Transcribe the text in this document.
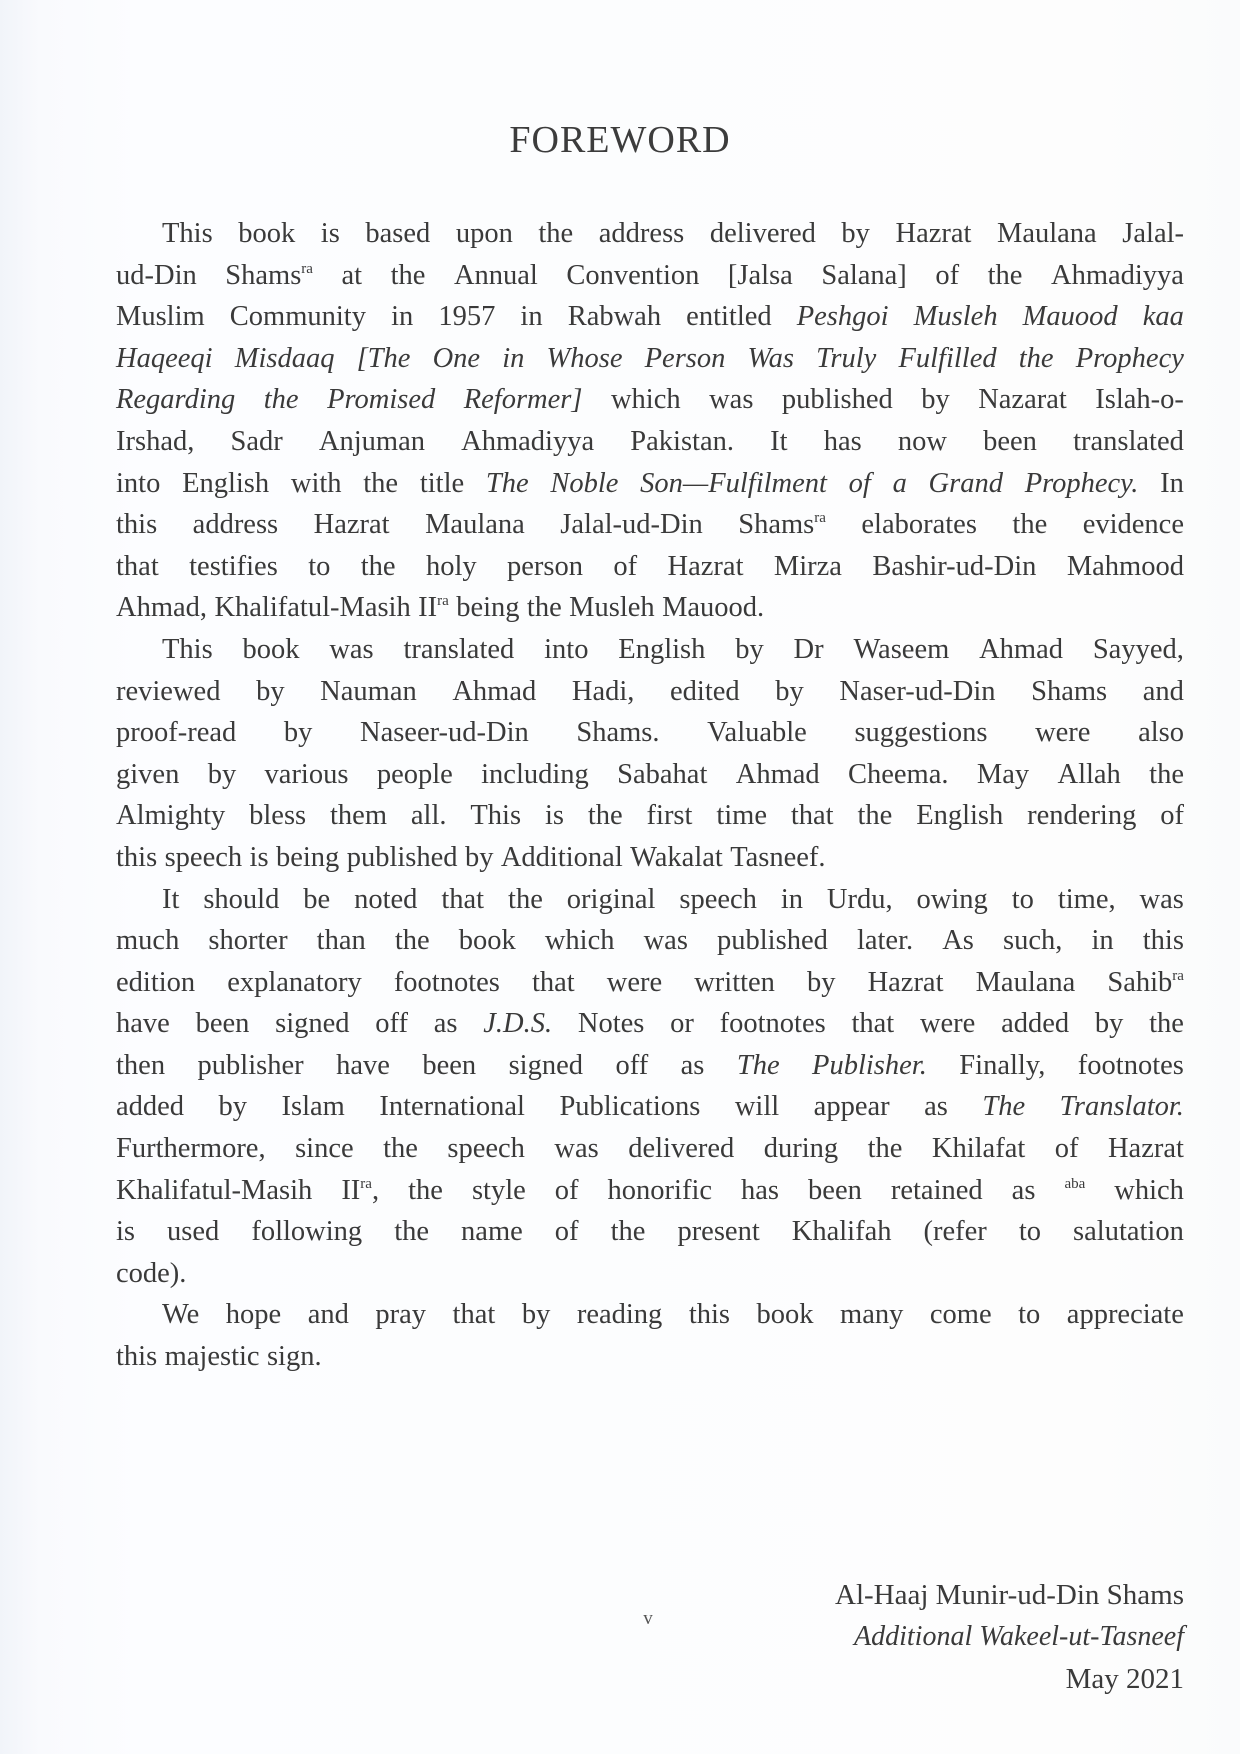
FOREWORD
This book is based upon the address delivered by Hazrat Maulana Jalal-
ud-Din Shams$^{ra}$ at the Annual Convention [Jalsa Salana] of the Ahmadiyya
Muslim Community in 1957 in Rabwah entitled Peshgoi Musleh Mauood kaa
Haqeeqi Misdaaq [The One in Whose Person Was Truly Fulfilled the Prophecy
Regarding the Promised Reformer] which was published by Nazarat Islah-o-
Irshad, Sadr Anjuman Ahmadiyya Pakistan. It has now been translated
into English with the title The Noble Son—Fulfilment of a Grand Prophecy. In
this address Hazrat Maulana Jalal-ud-Din Shams$^{ra}$ elaborates the evidence
that testifies to the holy person of Hazrat Mirza Bashir-ud-Din Mahmood
Ahmad, Khalifatul-Masih $II^{ra}$ being the Musleh Mauood.
This book was translated into English by Dr Waseem Ahmad Sayyed,
reviewed by Nauman Ahmad Hadi, edited by Naser-ud-Din Shams and
proof-read by Naseer-ud-Din Shams. Valuable suggestions were also
given by various people including Sabahat Ahmad Cheema. May Allah the
Almighty bless them all. This is the first time that the English rendering of
this speech is being published by Additional Wakalat Tasneef.
It should be noted that the original speech in Urdu, owing to time, was
much shorter than the book which was published later. As such, in this
edition explanatory footnotes that were written by Hazrat Maulana Sahib$^{ra}$
have been signed off as J.D.S. Notes or footnotes that were added by the
then publisher have been signed off as The Publisher. Finally, footnotes
added by Islam International Publications will appear as The Translator.
Furthermore, since the speech was delivered during the Khilafat of Hazrat
Khalifatul-Masih $II^{ra}$, the style of honorific has been retained as $^{aba}$ which
is used following the name of the present Khalifah (refer to salutation
code).
We hope and pray that by reading this book many come to appreciate
this majestic sign.
Al-Haaj Munir-ud-Din Shams
Additional Wakeel-ut-Tasneef
May 2021
v
